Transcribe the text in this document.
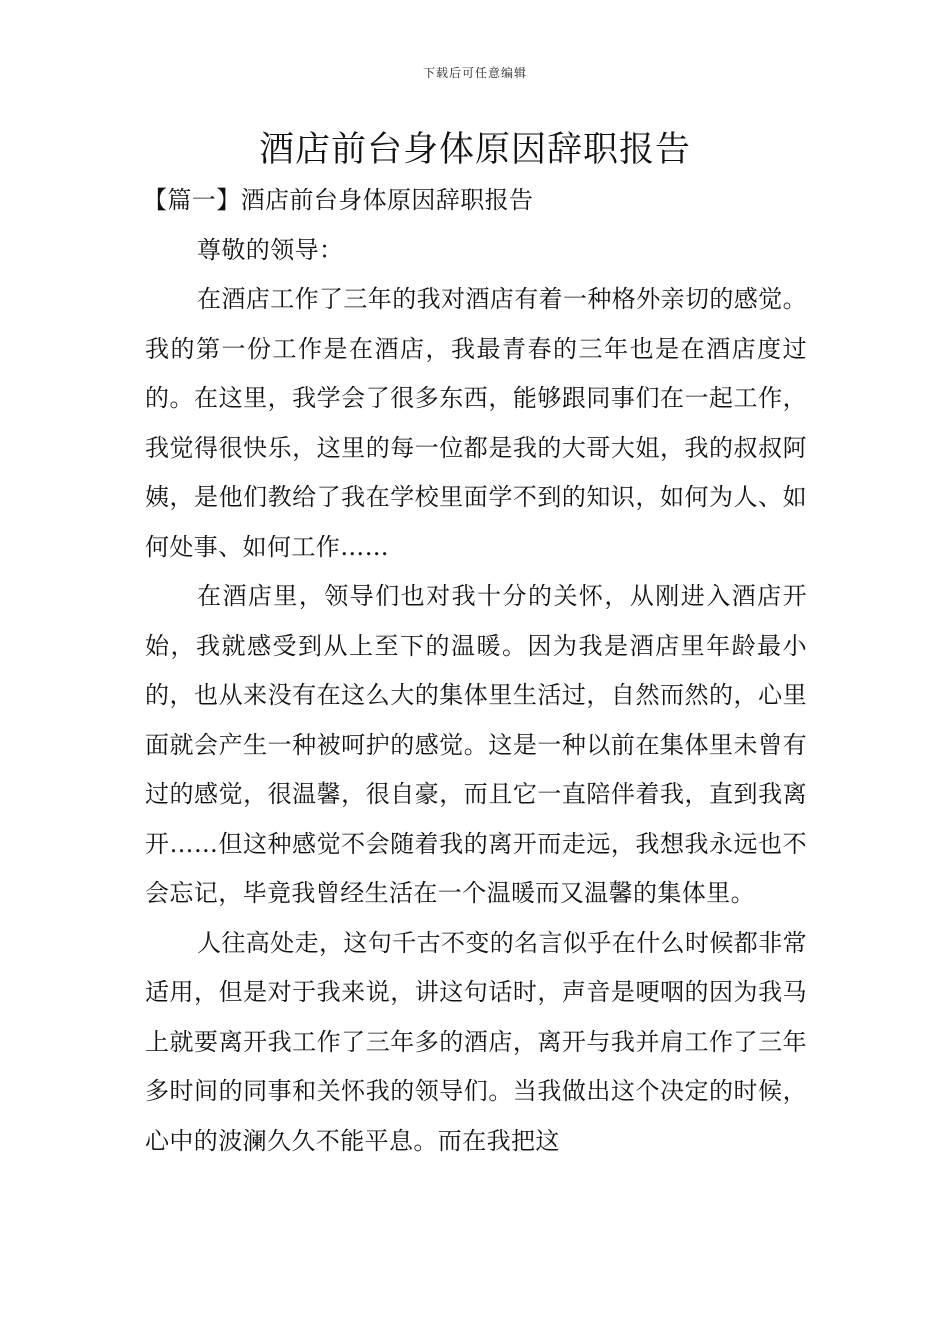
下载后可任意编辑
酒店前台身体原因辞职报告
【篇一】酒店前台身体原因辞职报告

尊敬的领导：

在酒店工作了三年的我对酒店有着一种格外亲切的感觉。我的第一份工作是在酒店，我最青春的三年也是在酒店度过的。在这里，我学会了很多东西，能够跟同事们在一起工作，我觉得很快乐，这里的每一位都是我的大哥大姐，我的叔叔阿姨，是他们教给了我在学校里面学不到的知识，如何为人、如何处事、如何工作……

在酒店里，领导们也对我十分的关怀，从刚进入酒店开始，我就感受到从上至下的温暖。因为我是酒店里年龄最小的，也从来没有在这么大的集体里生活过，自然而然的，心里面就会产生一种被呵护的感觉。这是一种以前在集体里未曾有过的感觉，很温馨，很自豪，而且它一直陪伴着我，直到我离开……但这种感觉不会随着我的离开而走远，我想我永远也不会忘记，毕竟我曾经生活在一个温暖而又温馨的集体里。

人往高处走，这句千古不变的名言似乎在什么时候都非常适用，但是对于我来说，讲这句话时，声音是哽咽的因为我马上就要离开我工作了三年多的酒店，离开与我并肩工作了三年多时间的同事和关怀我的领导们。当我做出这个决定的时候，心中的波澜久久不能平息。而在我把这
